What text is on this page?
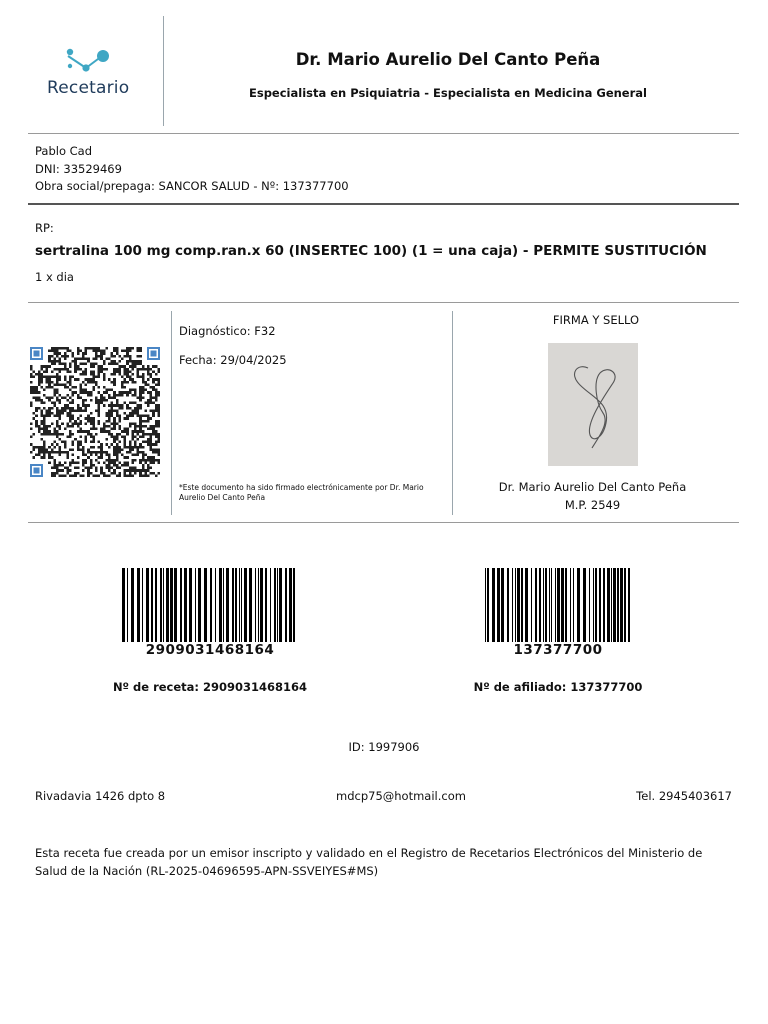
Recetario
Dr. Mario Aurelio Del Canto Peña
Especialista en Psiquiatria - Especialista en Medicina General
Pablo Cad
DNI: 33529469
Obra social/prepaga: SANCOR SALUD - Nº: 137377700
RP:
sertralina 100 mg comp.ran.x 60 (INSERTEC 100) (1 = una caja) - PERMITE SUSTITUCIÓN
1 x dia
Diagnóstico: F32
Fecha: 29/04/2025
*Este documento ha sido firmado electrónicamente por Dr. Mario Aurelio Del Canto Peña
FIRMA Y SELLO
Dr. Mario Aurelio Del Canto Peña
M.P. 2549
2909031468164
Nº de receta: 2909031468164
137377700
Nº de afiliado: 137377700
ID: 1997906
Rivadavia 1426 dpto 8	mdcp75@hotmail.com	Tel. 2945403617
Esta receta fue creada por un emisor inscripto y validado en el Registro de Recetarios Electrónicos del Ministerio de Salud de la Nación (RL-2025-04696595-APN-SSVEIYES#MS)
